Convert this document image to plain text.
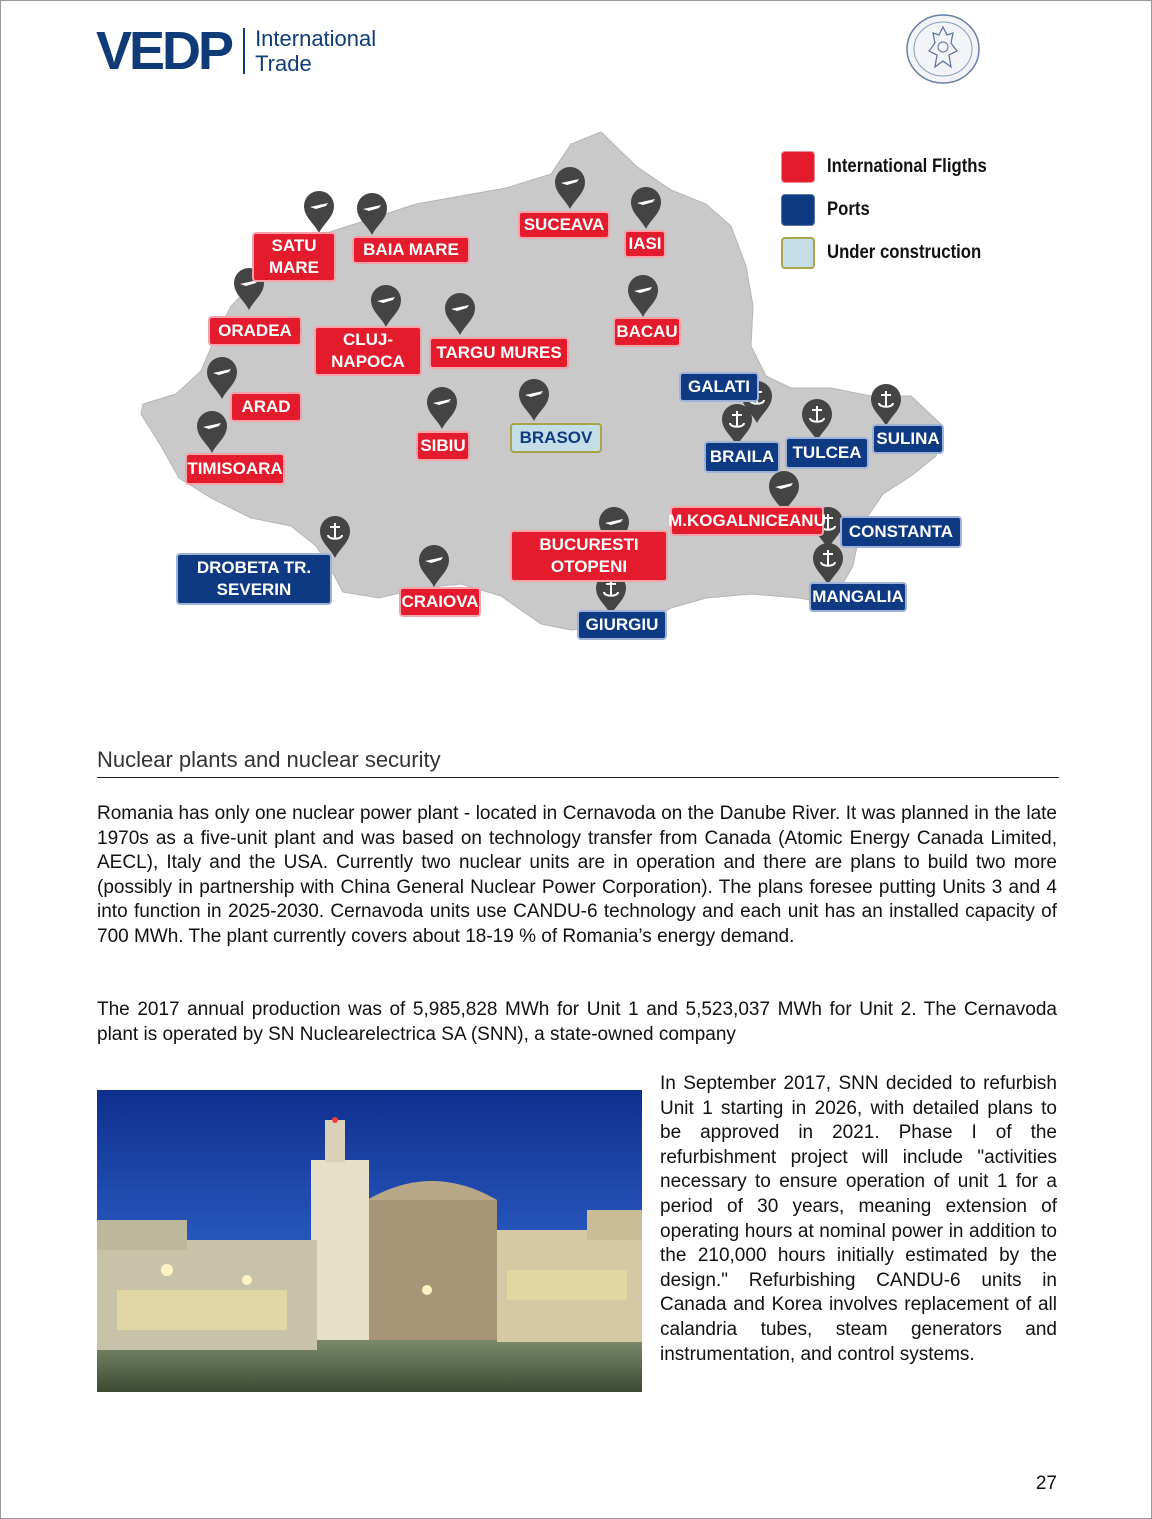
VEDP International
Trade
SATU
MARE
BAIA MARE
SUCEAVA
IASI
ORADEA	CLUJ-
NAPOCA	TARGU MURES
BACAU
ARAD
TIMISOARA
SIBIU	BRASOV
GALATI
BRAILA	TULCEA
SULINA
M.KOGALNICEANU
CONSTANTA
MANGALIA
BUCURESTI
OTOPENI
GIURGIU
CRAIOVA
DROBETA TR.
SEVERIN
International Fligths
Ports
Under construction
Nuclear plants and nuclear security

Romania has only one nuclear power plant - located in Cernavoda on the Danube River. It was planned in the late 1970s as a five-unit plant and was based on technology transfer from Canada (Atomic Energy Canada Limited, AECL), Italy and the USA. Currently two nuclear units are in operation and there are plans to build two more (possibly in partnership with China General Nuclear Power Corporation). The plans foresee putting Units 3 and 4 into function in 2025-2030. Cernavoda units use CANDU-6 technology and each unit has an installed capacity of 700 MWh. The plant currently covers about 18-19 % of Romania’s energy demand.

The 2017 annual production was of 5,985,828 MWh for Unit 1 and 5,523,037 MWh for Unit 2. The Cernavoda plant is operated by SN Nuclearelectrica SA (SNN), a state-owned company

In September 2017, SNN decided to refurbish Unit 1 starting in 2026, with detailed plans to be approved in 2021. Phase I of the refurbishment project will include "activities necessary to ensure operation of unit 1 for a period of 30 years, meaning extension of operating hours at nominal power in addition to the 210,000 hours initially estimated by the design." Refurbishing CANDU-6 units in Canada and Korea involves replacement of all calandria tubes, steam generators and instrumentation, and control systems.

27
